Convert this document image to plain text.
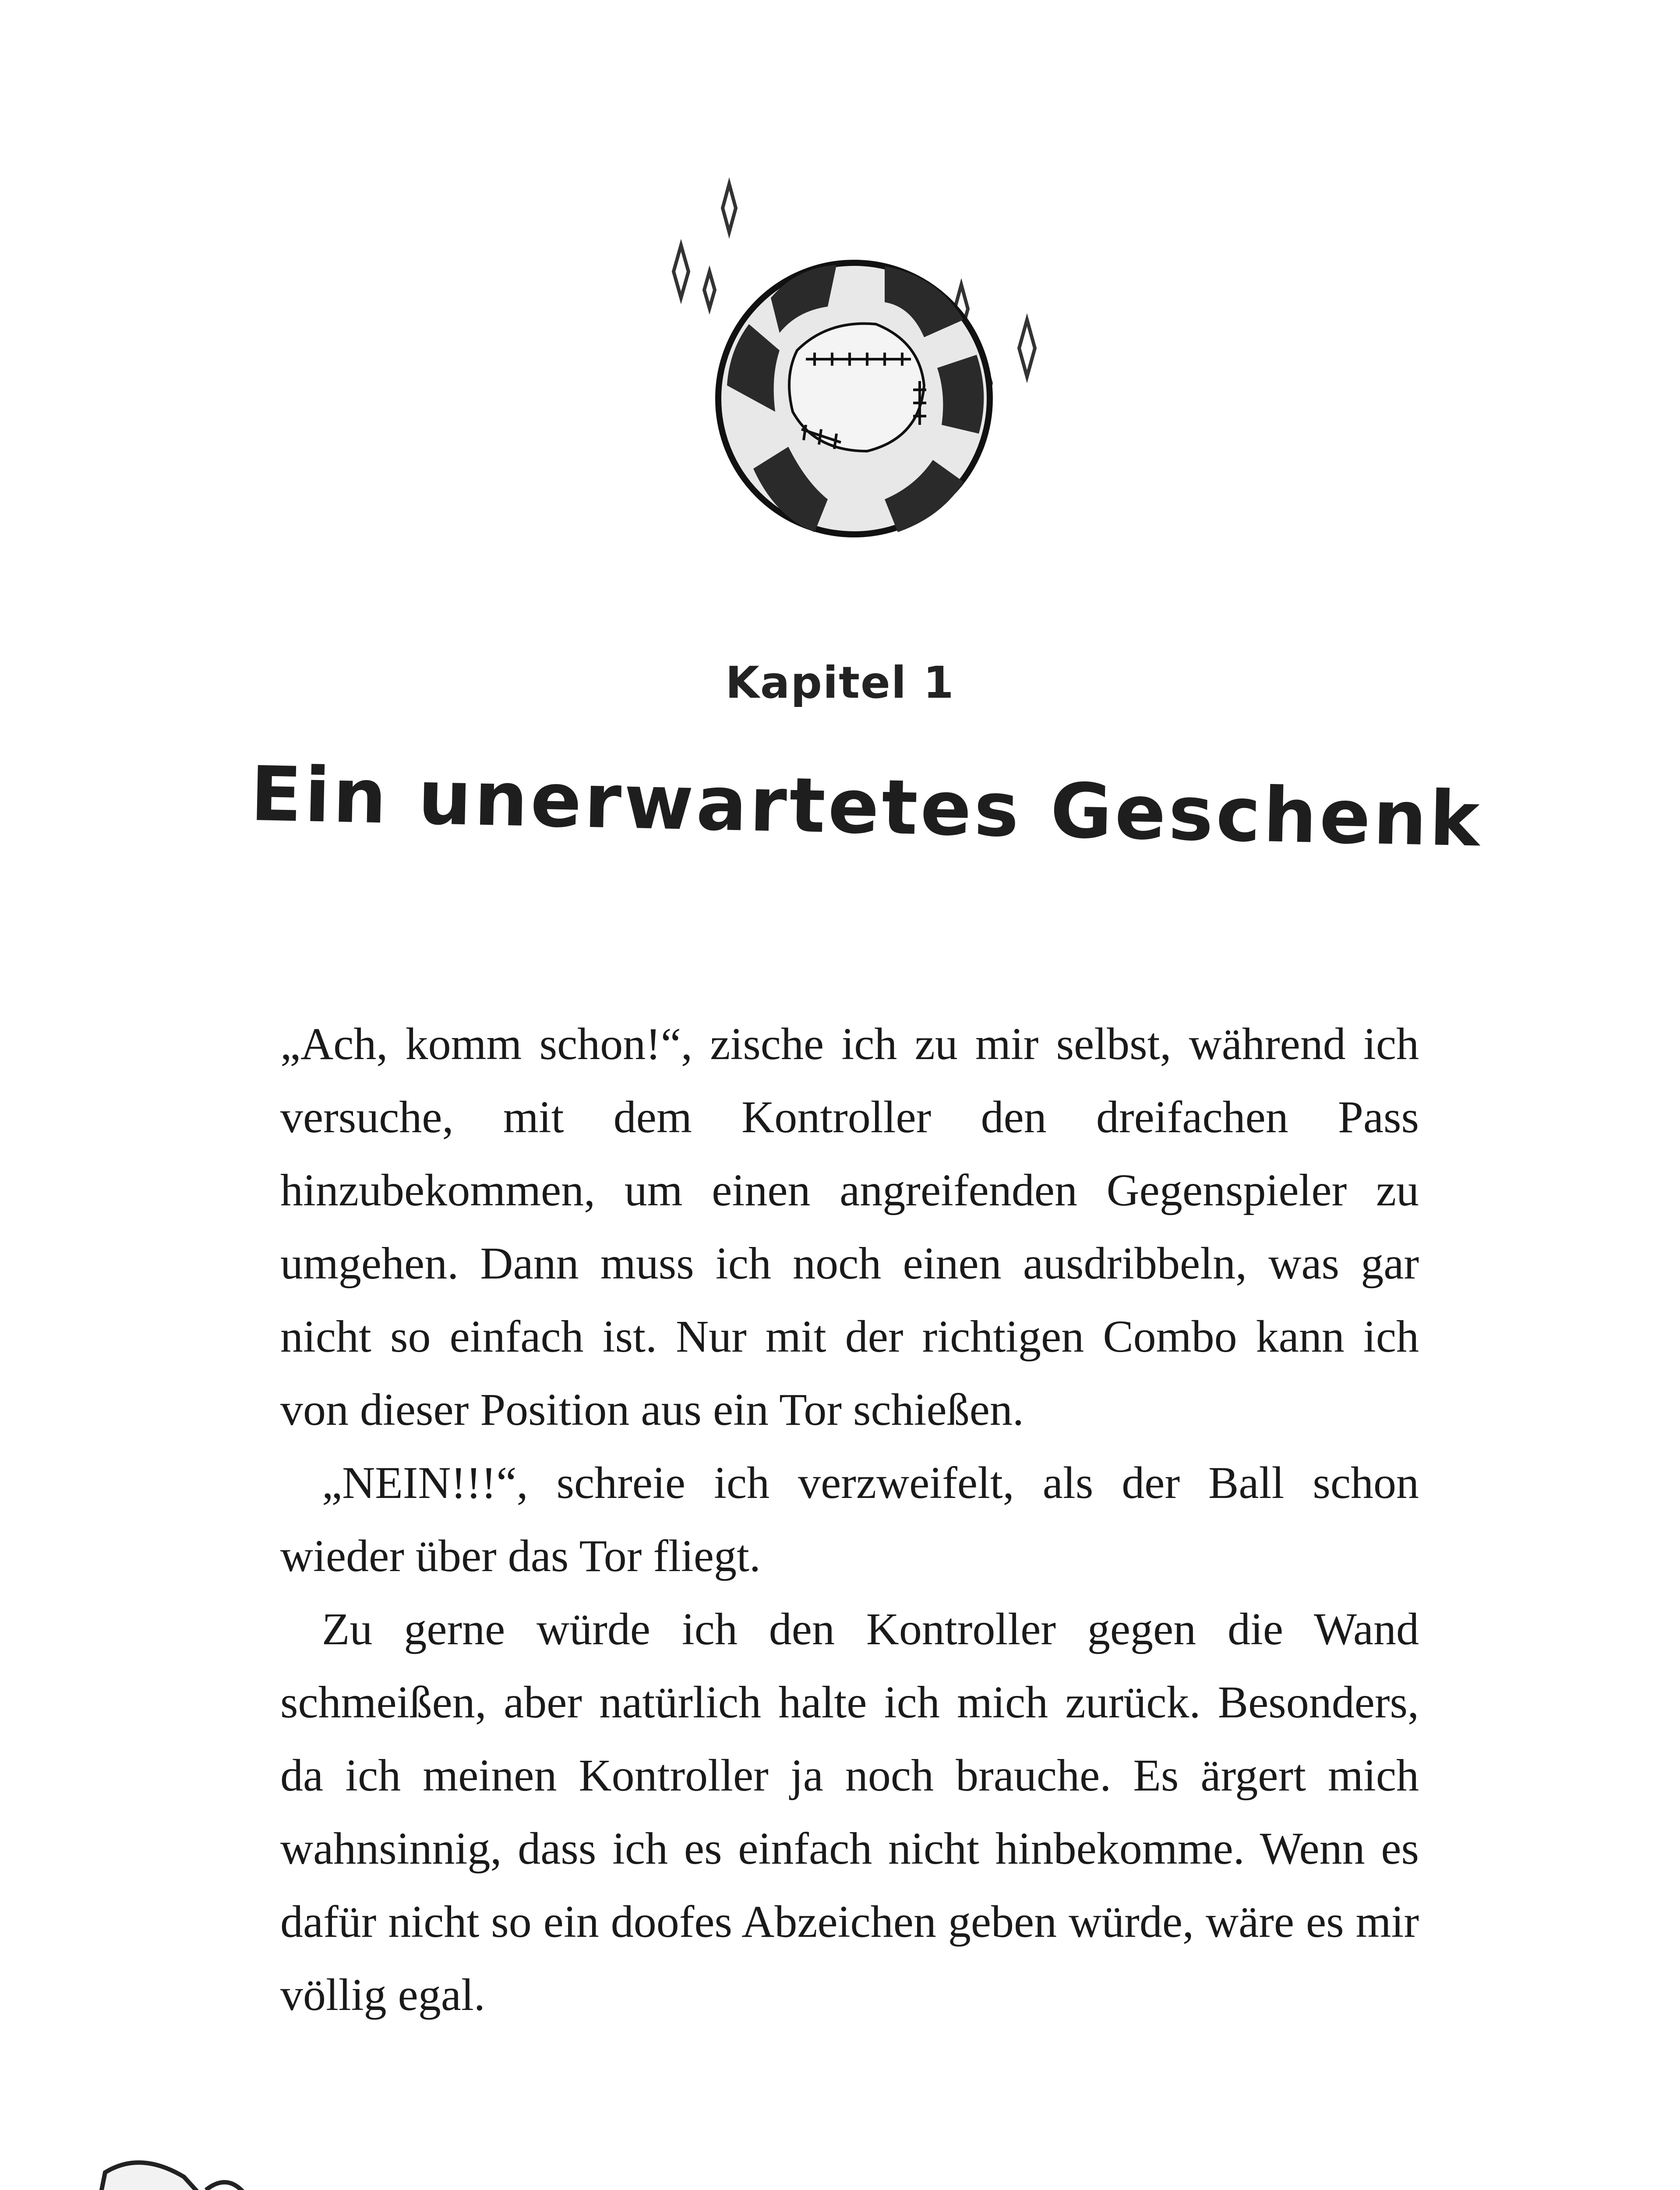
Kapitel 1
Ein unerwartetes Geschenk

„Ach, komm schon!“, zische ich zu mir selbst, während ich versuche, mit dem Kontroller den dreifachen Pass hinzubekommen, um einen angreifenden Gegenspieler zu umgehen. Dann muss ich noch einen ausdribbeln, was gar nicht so einfach ist. Nur mit der richtigen Combo kann ich von dieser Position aus ein Tor schießen.

„NEIN!!!“, schreie ich verzweifelt, als der Ball schon wieder über das Tor fliegt.

Zu gerne würde ich den Kontroller gegen die Wand schmeißen, aber natürlich halte ich mich zurück. Besonders, da ich meinen Kontroller ja noch brauche. Es ärgert mich wahnsinnig, dass ich es einfach nicht hinbekomme. Wenn es dafür nicht so ein doofes Abzeichen geben würde, wäre es mir völlig egal.
